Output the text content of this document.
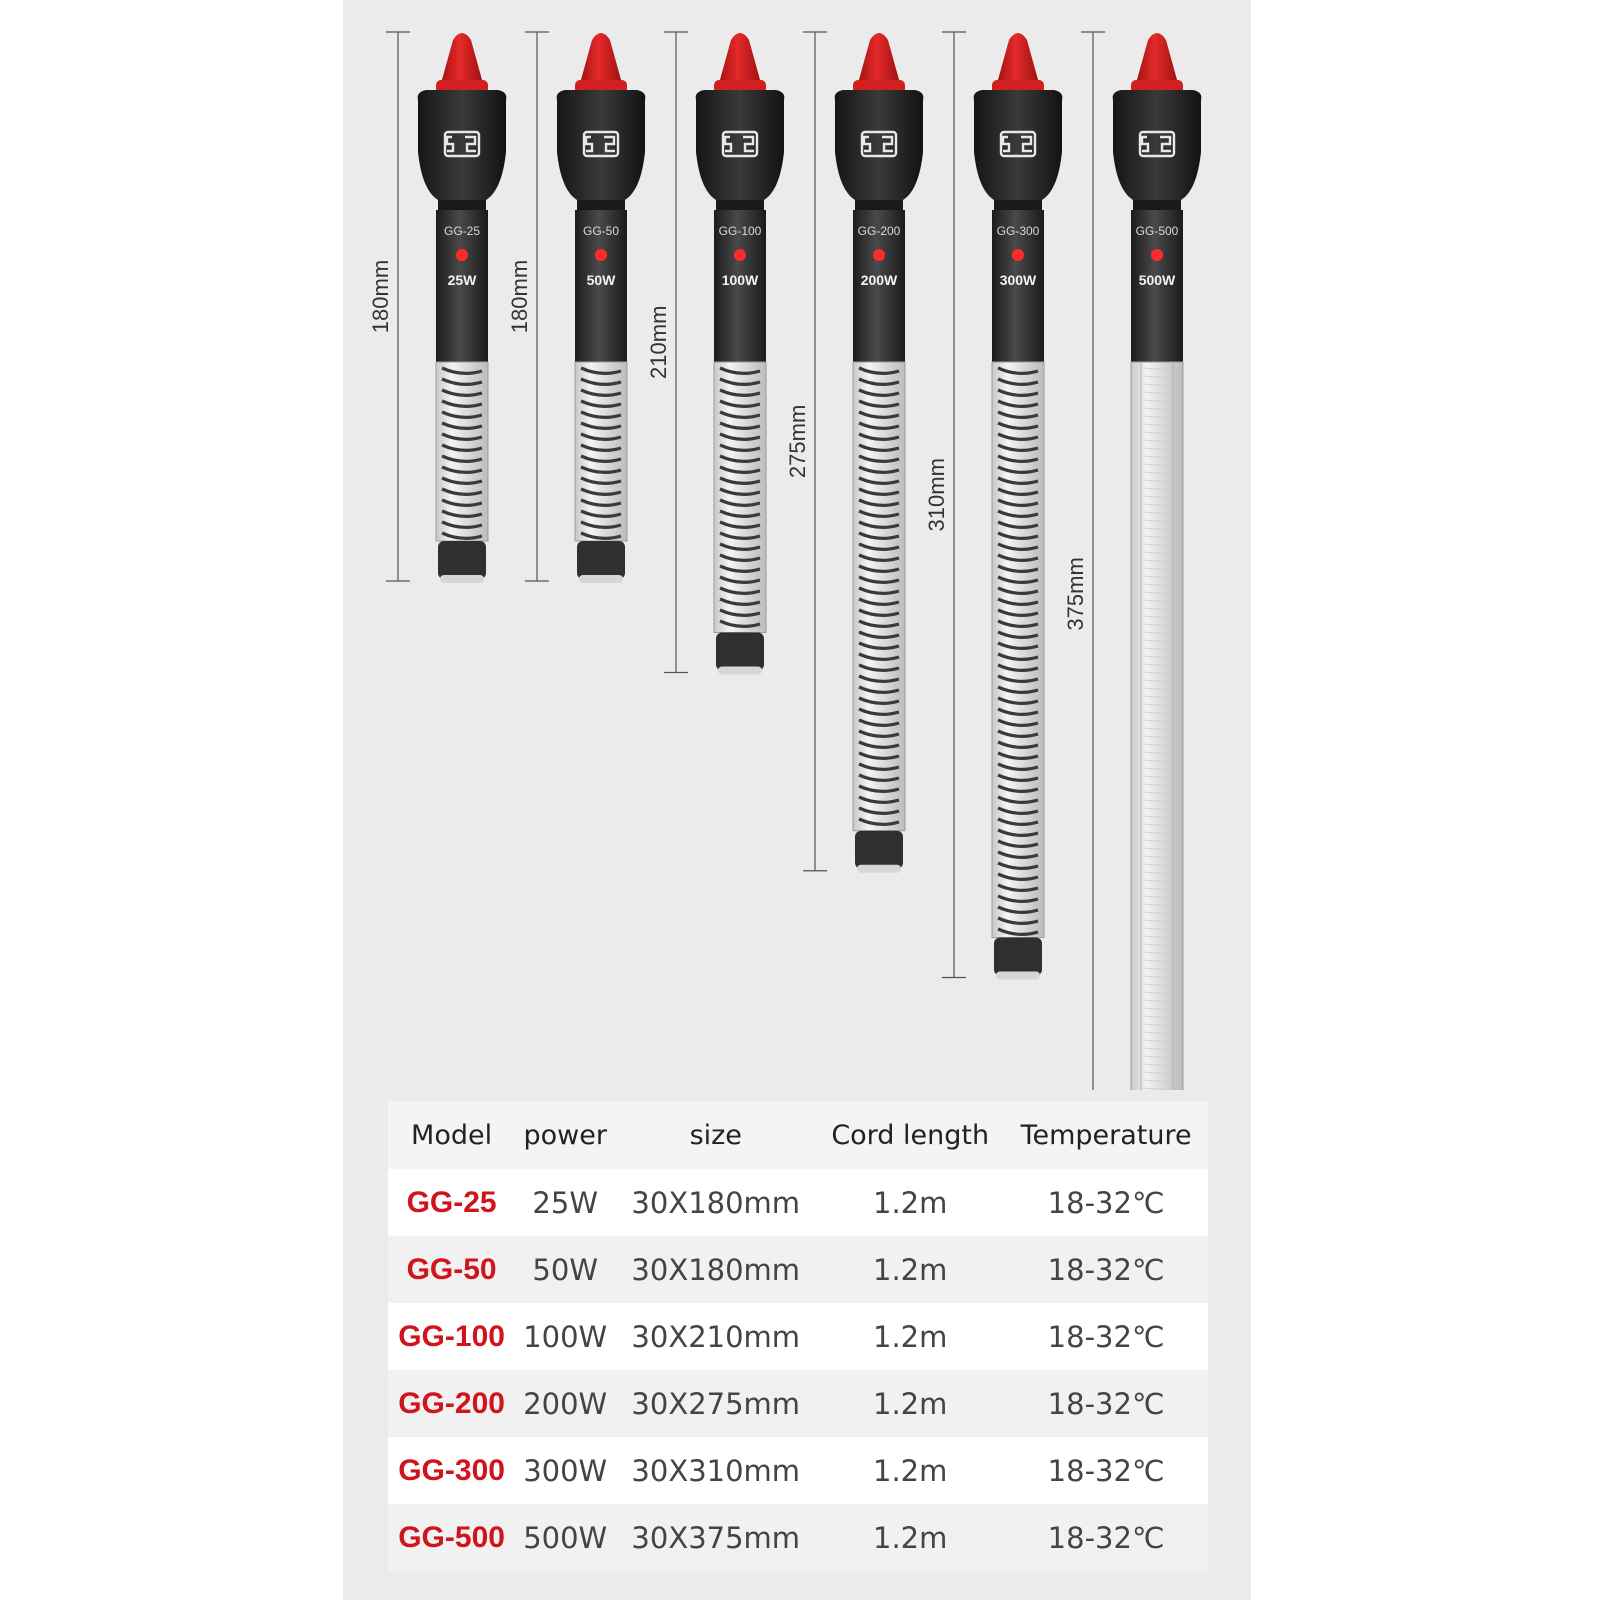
180mm
GG-25
25W 180mm
GG-50
50W
210mm
GG-100
100W
275mm
GG-200
200W
310mm
GG-300
300W
375mm
GG-500
500W
Model	power	size	Cord length	Temperature
GG-25	25W	30X180mm	1.2m	18-32℃
GG-50	50W	30X180mm	1.2m	18-32℃
GG-100	100W	30X210mm	1.2m	18-32℃
GG-200	200W	30X275mm	1.2m	18-32℃
GG-300	300W	30X310mm	1.2m	18-32℃
GG-500	500W	30X375mm	1.2m	18-32℃
